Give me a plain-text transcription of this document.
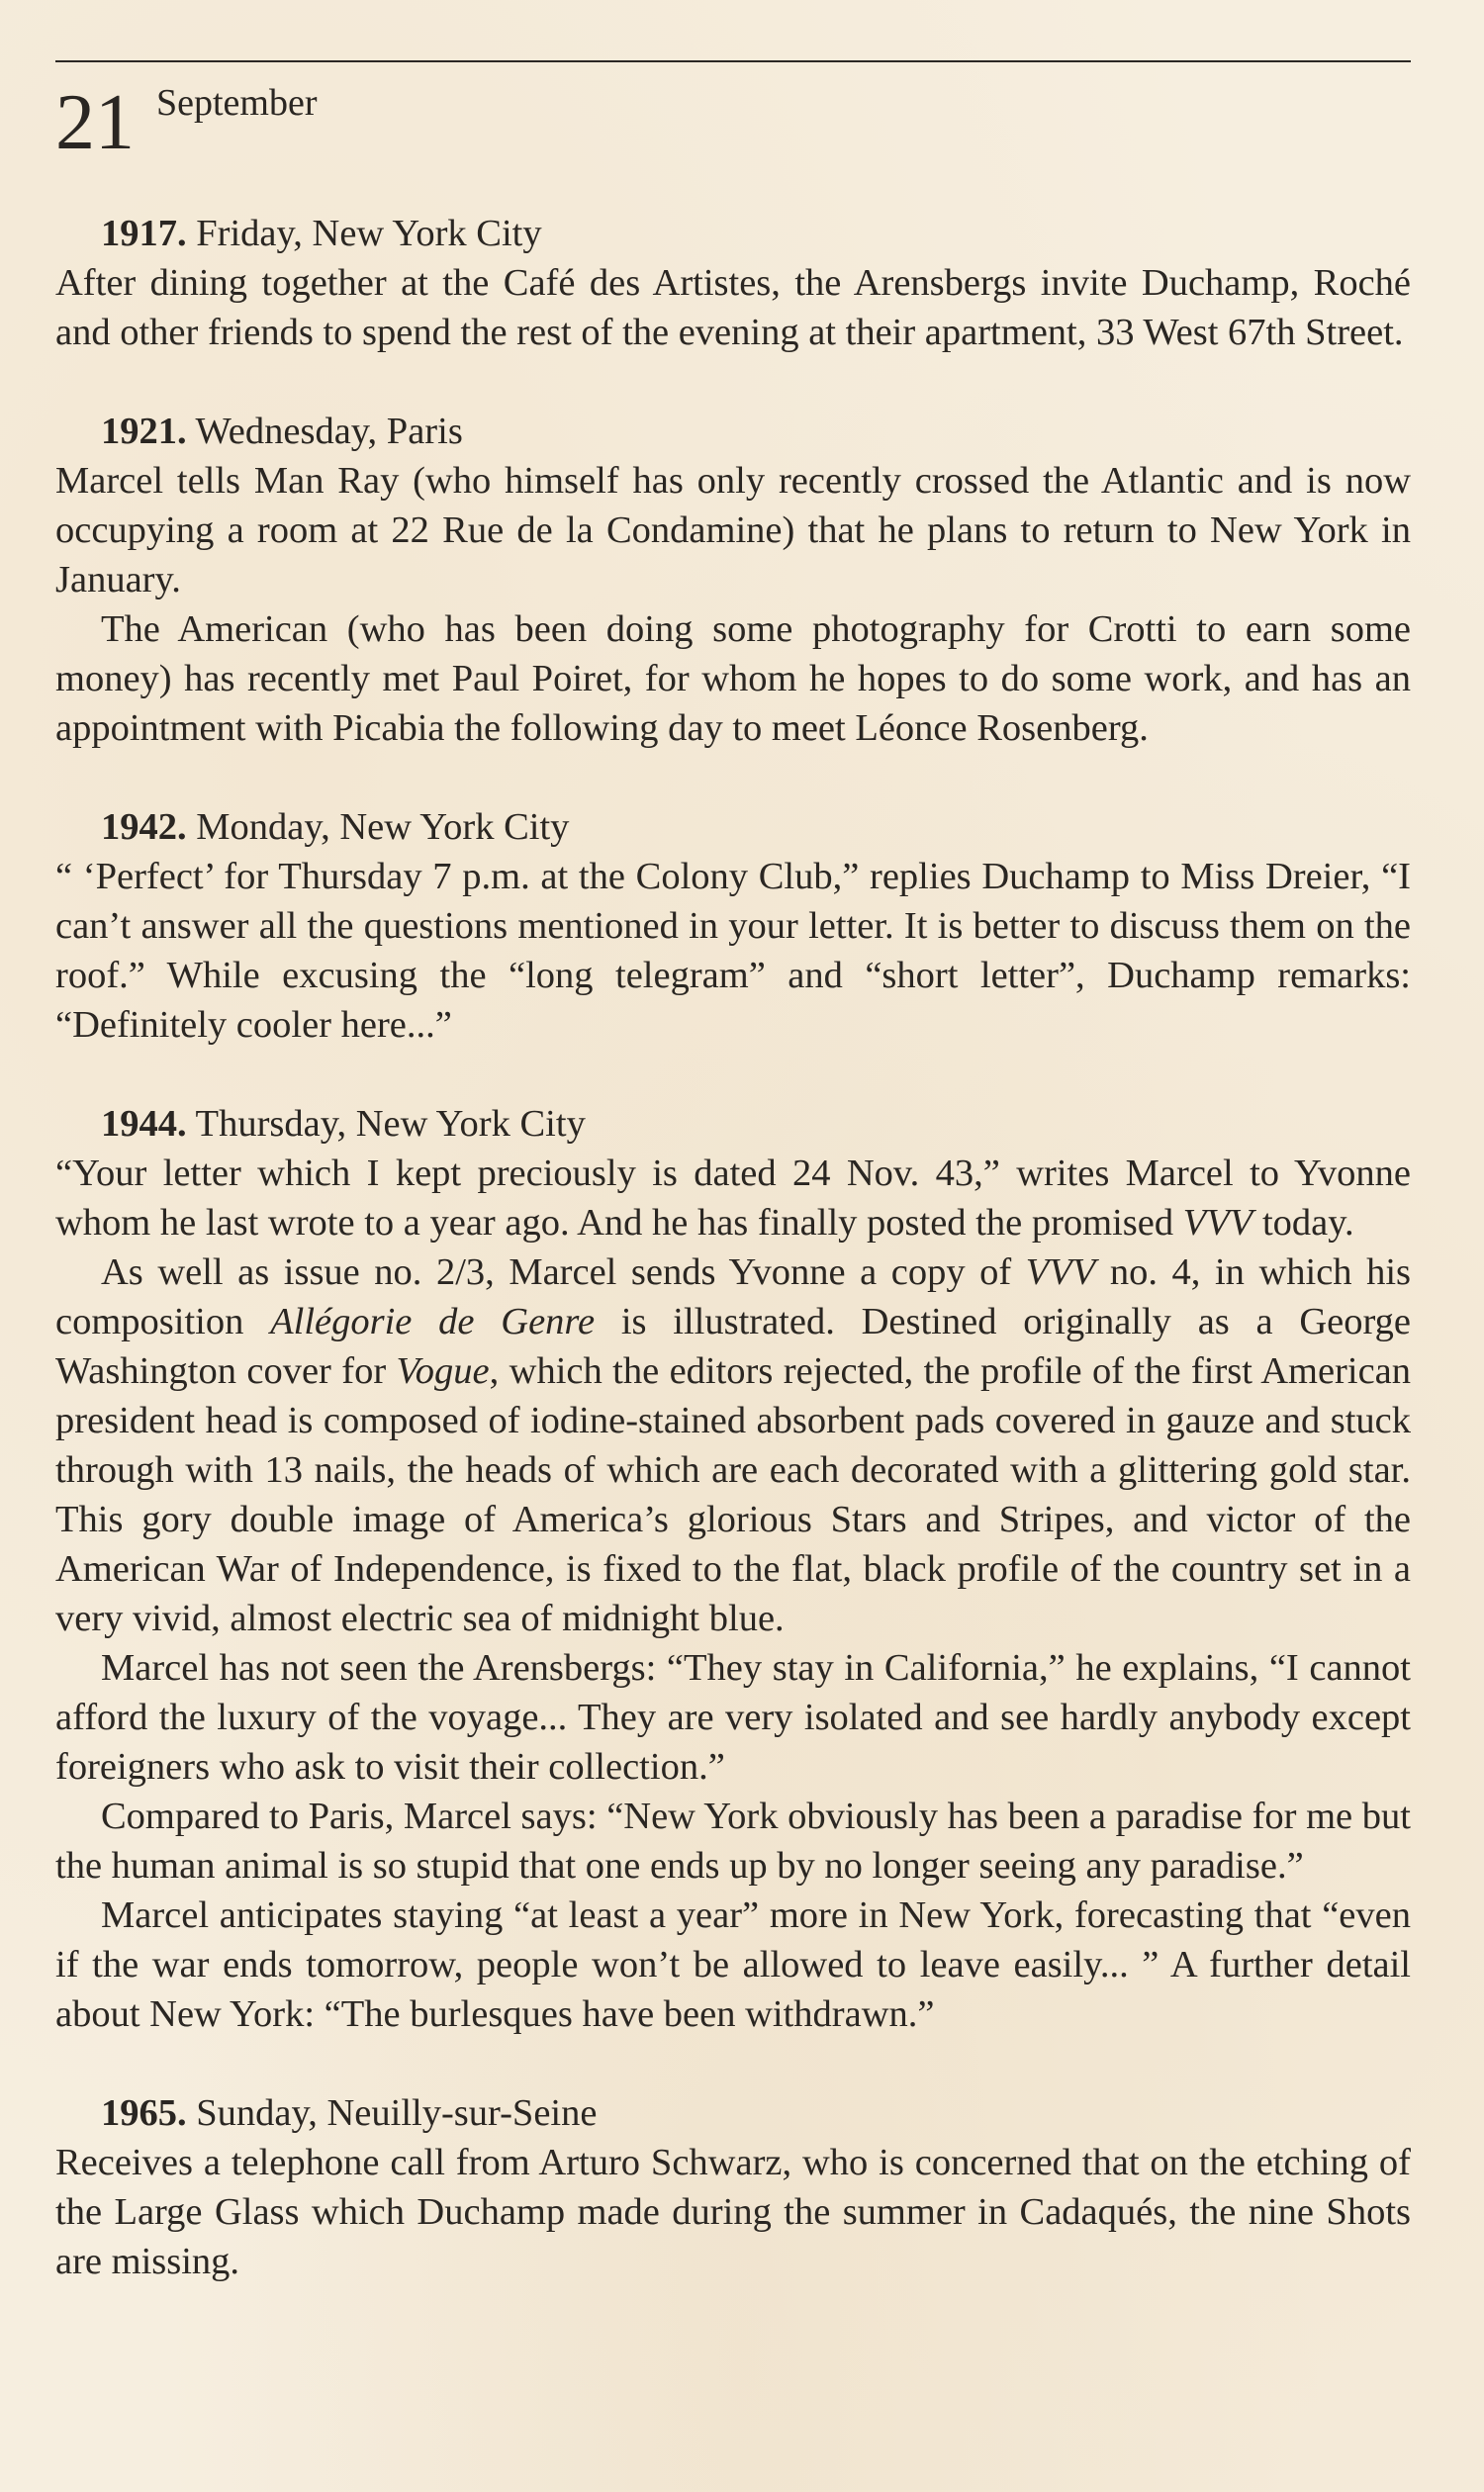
21 September
1917. Friday, New York City

After dining together at the Café des Artistes, the Arensbergs invite Duchamp, Roché and other friends to spend the rest of the evening at their apartment, 33 West 67th Street.

1921. Wednesday, Paris

Marcel tells Man Ray (who himself has only recently crossed the Atlantic and is now occupying a room at 22 Rue de la Condamine) that he plans to return to New York in January.

The American (who has been doing some photography for Crotti to earn some money) has recently met Paul Poiret, for whom he hopes to do some work, and has an appointment with Picabia the following day to meet Léonce Rosenberg.

1942. Monday, New York City

“ ‘Perfect’ for Thursday 7 p.m. at the Colony Club,” replies Duchamp to Miss Dreier, “I can’t answer all the questions mentioned in your letter. It is better to discuss them on the roof.” While excusing the “long telegram” and “short letter”, Duchamp remarks: “Definitely cooler here...”

1944. Thursday, New York City

“Your letter which I kept preciously is dated 24 Nov. 43,” writes Marcel to Yvonne whom he last wrote to a year ago. And he has finally posted the promised VVV today.

As well as issue no. 2/3, Marcel sends Yvonne a copy of VVV no. 4, in which his composition Allégorie de Genre is illustrated. Destined originally as a George Washington cover for Vogue, which the editors rejected, the profile of the first American president head is composed of iodine-stained absorbent pads covered in gauze and stuck through with 13 nails, the heads of which are each decorated with a glittering gold star. This gory double image of America’s glorious Stars and Stripes, and victor of the American War of Independence, is fixed to the flat, black profile of the country set in a very vivid, almost electric sea of midnight blue.

Marcel has not seen the Arensbergs: “They stay in California,” he explains, “I cannot afford the luxury of the voyage... They are very isolated and see hardly anybody except foreigners who ask to visit their collection.”

Compared to Paris, Marcel says: “New York obviously has been a paradise for me but the human animal is so stupid that one ends up by no longer seeing any paradise.”

Marcel anticipates staying “at least a year” more in New York, forecasting that “even if the war ends tomorrow, people won’t be allowed to leave easily... ” A further detail about New York: “The burlesques have been withdrawn.”

1965. Sunday, Neuilly-sur-Seine

Receives a telephone call from Arturo Schwarz, who is concerned that on the etching of the Large Glass which Duchamp made during the summer in Cadaqués, the nine Shots are missing.
